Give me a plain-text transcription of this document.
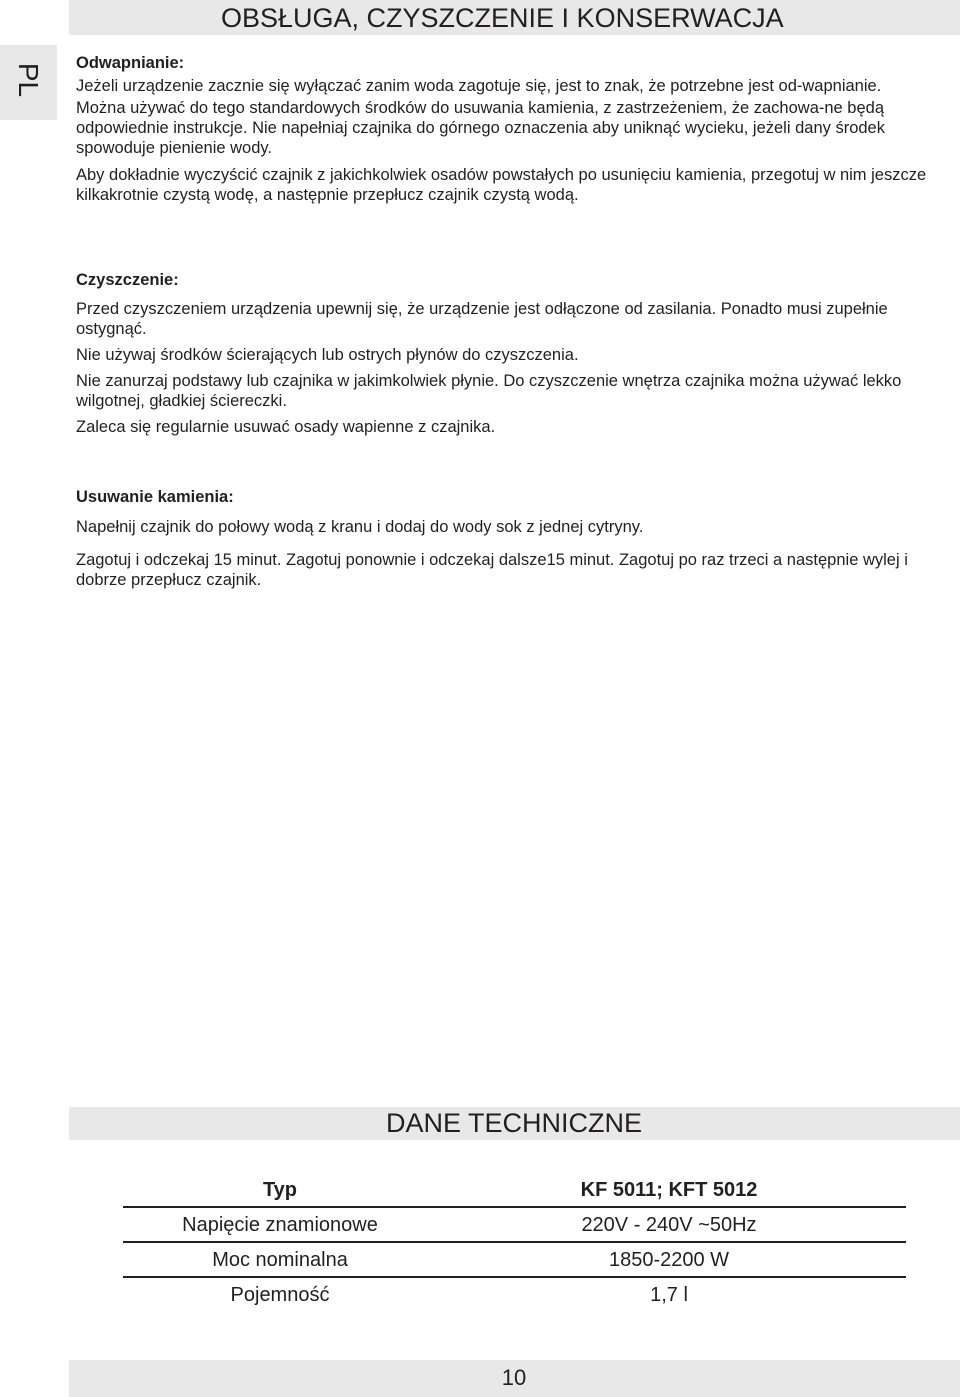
OBSŁUGA, CZYSZCZENIE I KONSERWACJA
PL Odwapnianie:
Jeżeli urządzenie zacznie się wyłączać zanim woda zagotuje się, jest to znak, że potrzebne jest od-wapnianie.
Można używać do tego standardowych środków do usuwania kamienia, z zastrzeżeniem, że zachowa-ne będą odpowiednie instrukcje. Nie napełniaj czajnika do górnego oznaczenia aby uniknąć wycieku, jeżeli dany środek spowoduje pienienie wody.
Aby dokładnie wyczyścić czajnik z jakichkolwiek osadów powstałych po usunięciu kamienia, przegotuj w nim jeszcze kilkakrotnie czystą wodę, a następnie przepłucz czajnik czystą wodą.
Czyszczenie:
Przed czyszczeniem urządzenia upewnij się, że urządzenie jest odłączone od zasilania. Ponadto musi zupełnie ostygnąć.
Nie używaj środków ścierających lub ostrych płynów do czyszczenia.
Nie zanurzaj podstawy lub czajnika w jakimkolwiek płynie. Do czyszczenie wnętrza czajnika można używać lekko wilgotnej, gładkiej ściereczki.
Zaleca się regularnie usuwać osady wapienne z czajnika.
Usuwanie kamienia:
Napełnij czajnik do połowy wodą z kranu i dodaj do wody sok z jednej cytryny.
Zagotuj i odczekaj 15 minut. Zagotuj ponownie i odczekaj dalsze15 minut. Zagotuj po raz trzeci a następnie wylej i dobrze przepłucz czajnik.
DANE TECHNICZNE
Typ	KF 5011; KFT 5012
Napięcie znamionowe	220V - 240V ~50Hz
Moc nominalna	1850-2200 W
Pojemność	1,7 l
10
